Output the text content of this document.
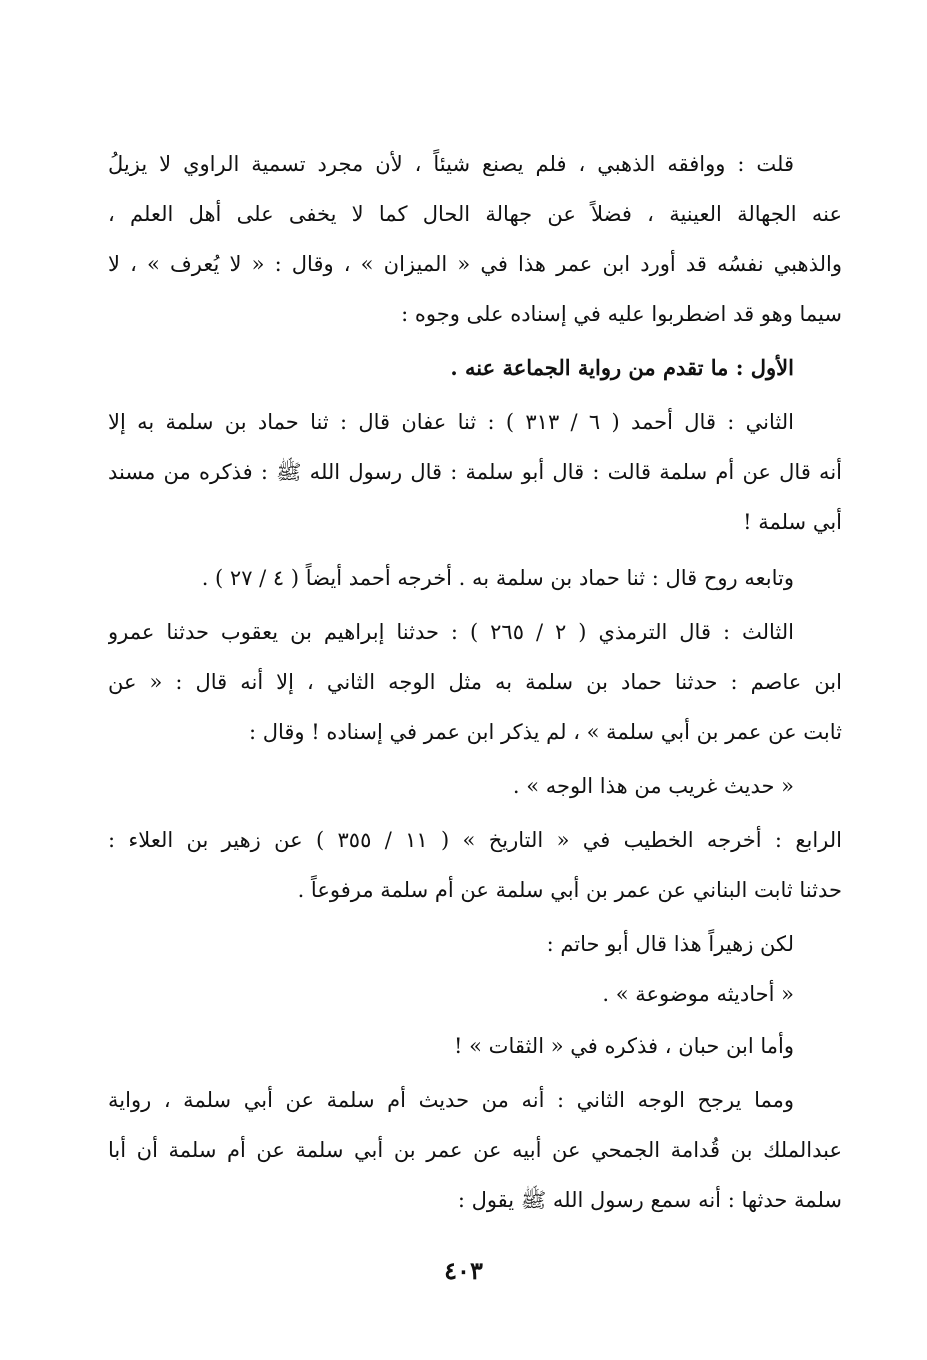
قلت : ووافقه الذهبي ، فلم يصنع شيئاً ، لأن مجرد تسمية الراوي لا يزيلُ
عنه الجهالة العينية ، فضلاً عن جهالة الحال كما لا يخفى على أهل العلم ،
والذهبي نفسُه قد أورد ابن عمر هذا في « الميزان » ، وقال : « لا يُعرف » ، لا
سيما وهو قد اضطربوا عليه في إسناده على وجوه :
الأول : ما تقدم من رواية الجماعة عنه .
الثاني : قال أحمد ( ٦ / ٣١٣ ) : ثنا عفان قال : ثنا حماد بن سلمة به إلا
أنه قال عن أم سلمة قالت : قال أبو سلمة : قال رسول الله ﷺ : فذكره من مسند
أبي سلمة !
وتابعه روح قال : ثنا حماد بن سلمة به . أخرجه أحمد أيضاً ( ٤ / ٢٧ ) .
الثالث : قال الترمذي ( ٢ / ٢٦٥ ) : حدثنا إبراهيم بن يعقوب حدثنا عمرو
ابن عاصم : حدثنا حماد بن سلمة به مثل الوجه الثاني ، إلا أنه قال : « عن
ثابت عن عمر بن أبي سلمة » ، لم يذكر ابن عمر في إسناده ! وقال :
« حديث غريب من هذا الوجه » .
الرابع : أخرجه الخطيب في « التاريخ » ( ١١ / ٣٥٥ ) عن زهير بن العلاء :
حدثنا ثابت البناني عن عمر بن أبي سلمة عن أم سلمة مرفوعاً .
لكن زهيراً هذا قال أبو حاتم :
« أحاديثه موضوعة » .
وأما ابن حبان ، فذكره في « الثقات » !
ومما يرجح الوجه الثاني : أنه من حديث أم سلمة عن أبي سلمة ، رواية
عبدالملك بن قُدامة الجمحي عن أبيه عن عمر بن أبي سلمة عن أم سلمة أن أبا
سلمة حدثها : أنه سمع رسول الله ﷺ يقول :
٤٠٣
